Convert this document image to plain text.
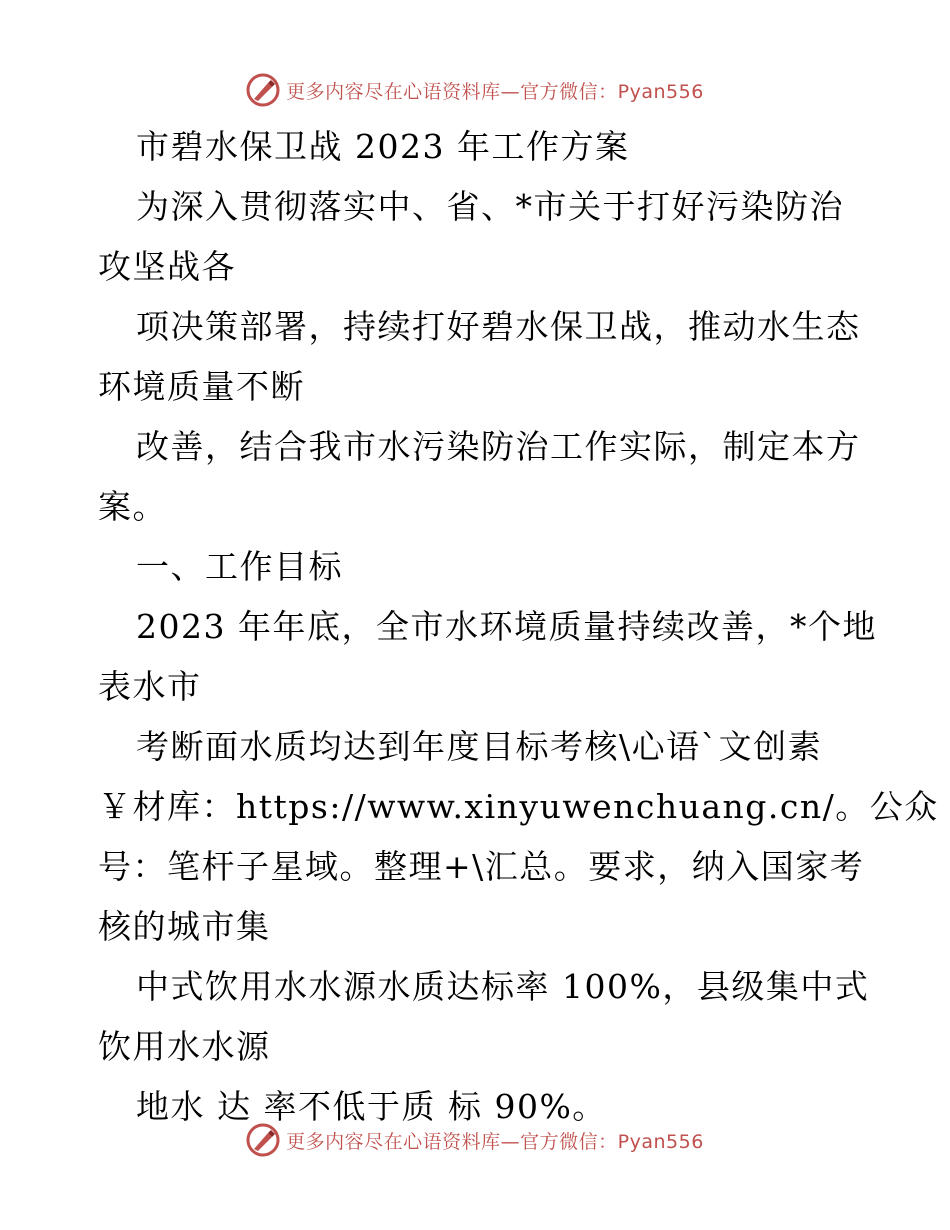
更多内容尽在心语资料库—官方微信：Pyan556
市碧水保卫战 2023 年工作方案
为深入贯彻落实中、省、*市关于打好污染防治
攻坚战各
项决策部署，持续打好碧水保卫战，推动水生态
环境质量不断
改善，结合我市水污染防治工作实际，制定本方
案。
一、工作目标
2023 年年底，全市水环境质量持续改善，*个地
表水市
考断面水质均达到年度目标考核\心语`文创素
￥材库：https://www.xinyuwenchuang.cn/。公众
号：笔杆子星域。整理+\汇总。要求，纳入国家考
核的城市集
中式饮用水水源水质达标率 100%，县级集中式
饮用水水源
地水 达 率不低于质 标 90%。
更多内容尽在心语资料库—官方微信：Pyan556
